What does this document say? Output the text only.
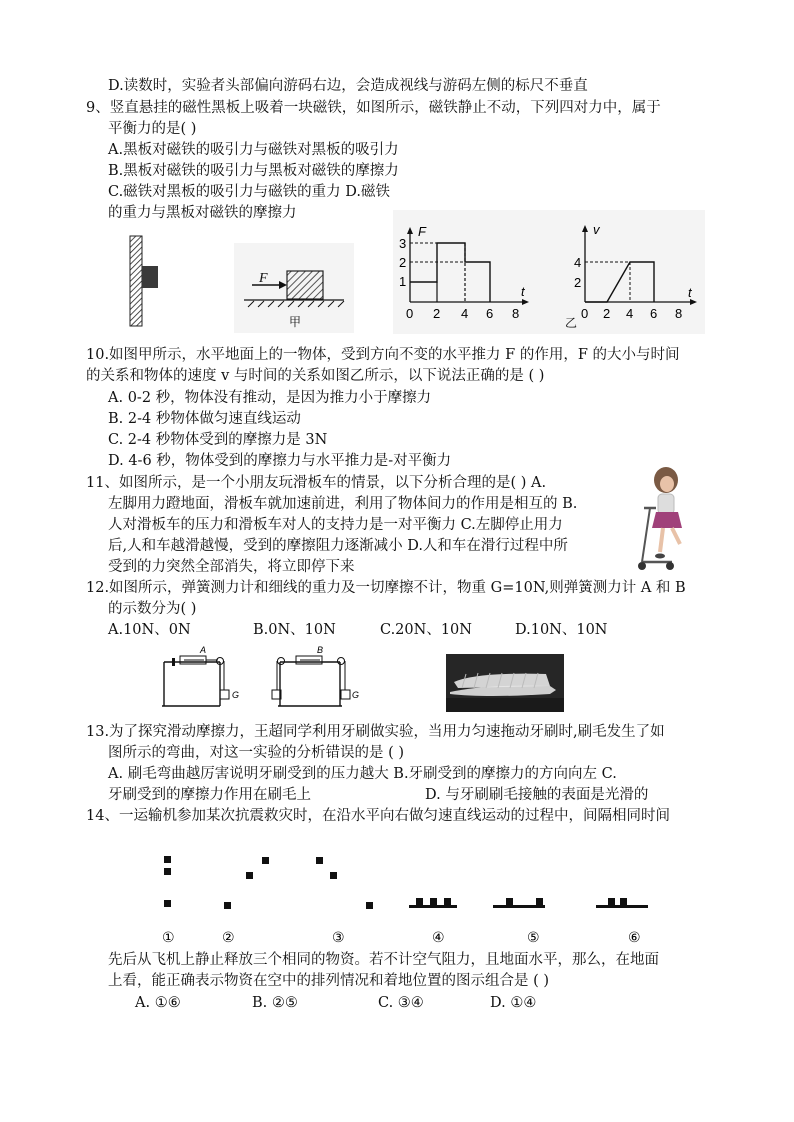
D.读数时，实验者头部偏向游码右边，会造成视线与游码左侧的标尺不垂直
9、竖直悬挂的磁性黑板上吸着一块磁铁，如图所示，磁铁静止不动，下列四对力中，属于
平衡力的是( )
A.黑板对磁铁的吸引力与磁铁对黑板的吸引力
B.黑板对磁铁的吸引力与黑板对磁铁的摩擦力
C.磁铁对黑板的吸引力与磁铁的重力 D.磁铁
的重力与黑板对磁铁的摩擦力
F
甲
F
t
1
2
3
0 2 4 6 8
v
t
2
4
0 2 4 6 8
乙
10.如图甲所示，水平地面上的一物体，受到方向不变的水平推力 F 的作用，F 的大小与时间
的关系和物体的速度 v 与时间的关系如图乙所示，以下说法正确的是 ( )
A. 0-2 秒，物体没有推动，是因为推力小于摩擦力
B. 2-4 秒物体做匀速直线运动
C. 2-4 秒物体受到的摩擦力是 3N
D. 4-6 秒，物体受到的摩擦力与水平推力是-对平衡力
11、如图所示，是一个小朋友玩滑板车的情景，以下分析合理的是( ) A.
左脚用力蹬地面，滑板车就加速前进，利用了物体间力的作用是相互的 B.
人对滑板车的压力和滑板车对人的支持力是一对平衡力 C.左脚停止用力
后,人和车越滑越慢，受到的摩擦阻力逐渐减小 D.人和车在滑行过程中所
受到的力突然全部消失，将立即停下来
12.如图所示，弹簧测力计和细线的重力及一切摩擦不计，物重 G=10N,则弹簧测力计 A 和 B
的示数分为( )
A.10N、0N	B.0N、10N	C.20N、10N	D.10N、10N
A
G
B
G
13.为了探究滑动摩擦力，王超同学利用牙刷做实验，当用力匀速拖动牙刷时,刷毛发生了如
图所示的弯曲，对这一实验的分析错误的是 ( )
A. 刷毛弯曲越厉害说明牙刷受到的压力越大 B.牙刷受到的摩擦力的方向向左 C.
牙刷受到的摩擦力作用在刷毛上	D. 与牙刷刷毛接触的表面是光滑的
14、一运输机参加某次抗震救灾时，在沿水平向右做匀速直线运动的过程中，间隔相同时间
①	②	③	④	⑤	⑥
先后从飞机上静止释放三个相同的物资。若不计空气阻力，且地面水平，那么，在地面
上看，能正确表示物资在空中的排列情况和着地位置的图示组合是 ( )
A. ①⑥	B. ②⑤	C. ③④	D. ①④
